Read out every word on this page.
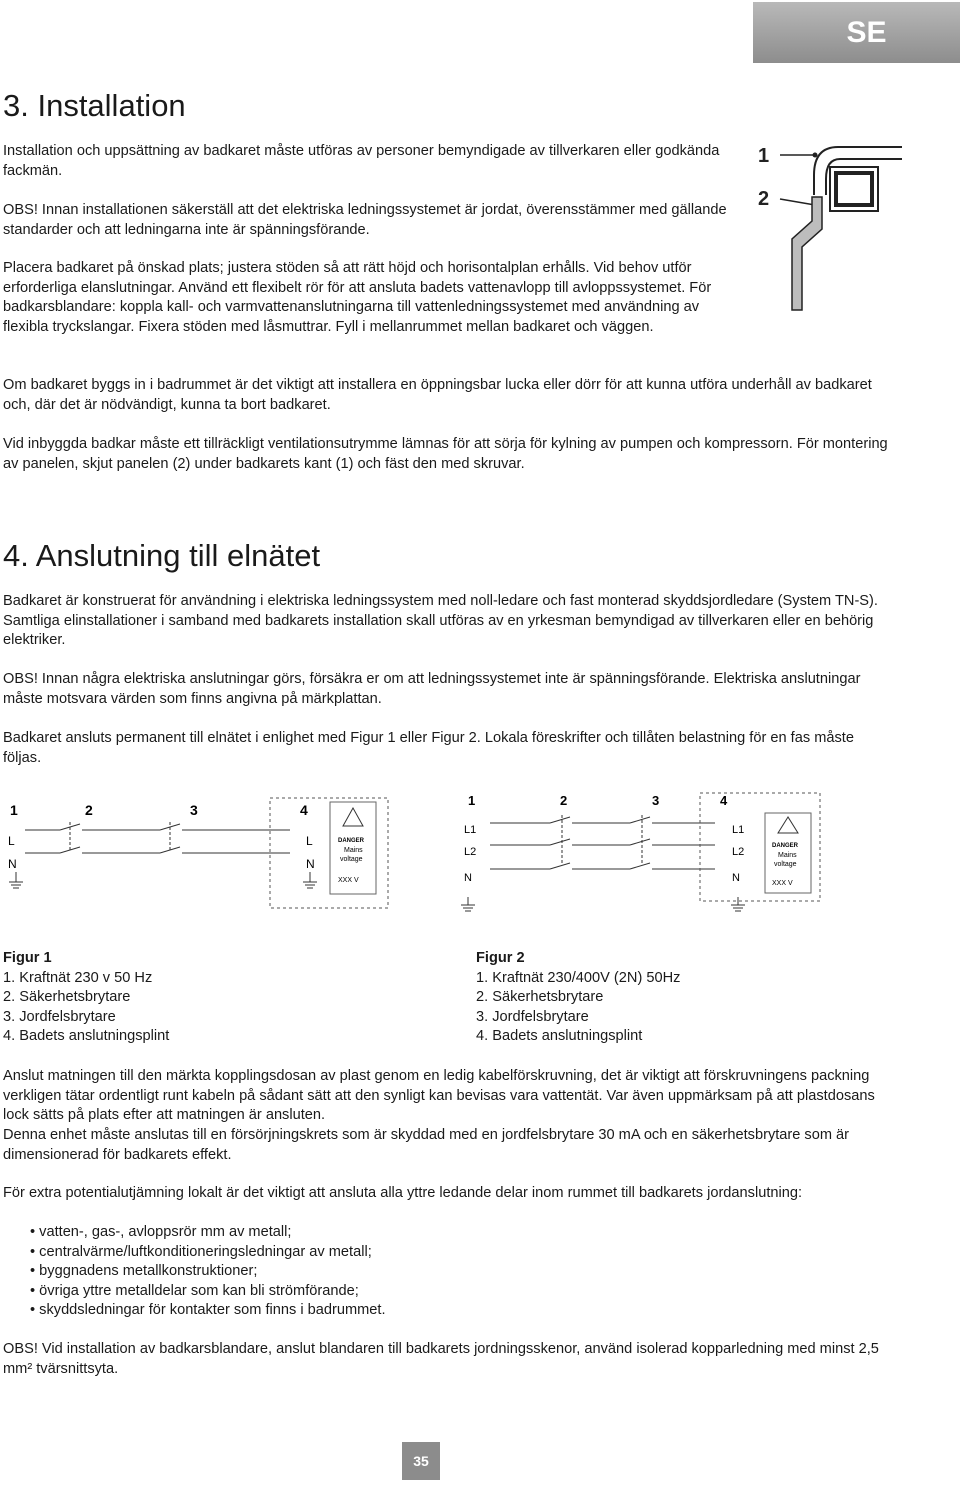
SE
3. Installation

Installation och uppsättning av badkaret måste utföras av personer bemyndigade av tillverkaren eller godkända fackmän.

OBS! Innan installationen säkerställ att det elektriska ledningssystemet är jordat, överensstämmer med gällande standarder och att ledningarna inte är spänningsförande.

Placera badkaret på önskad plats; justera stöden så att rätt höjd och horisontalplan erhålls. Vid behov utför erforderliga elanslutningar. Använd ett flexibelt rör för att ansluta badets vattenavlopp till avloppssystemet. För badkarsblandare: koppla kall- och varmvattenanslutningarna till vattenledningssystemet med användning av flexibla tryckslangar. Fixera stöden med låsmuttrar. Fyll i mellanrummet mellan badkaret och väggen.

Om badkaret byggs in i badrummet är det viktigt att installera en öppningsbar lucka eller dörr för att kunna utföra underhåll av badkaret och, där det är nödvändigt, kunna ta bort badkaret.

Vid inbyggda badkar måste ett tillräckligt ventilationsutrymme lämnas för att sörja för kylning av pumpen och kompressorn. För montering av panelen, skjut panelen (2) under badkarets kant (1) och fäst den med skruvar.

1
2
4. Anslutning till elnätet

Badkaret är konstruerat för användning i elektriska ledningssystem med noll-ledare och fast monterad skyddsjordledare (System TN-S). Samtliga elinstallationer i samband med badkarets installation skall utföras av en yrkesman bemyndigad av tillverkaren eller en behörig elektriker.

OBS! Innan några elektriska anslutningar görs, försäkra er om att ledningssystemet inte är spänningsförande. Elektriska anslutningar måste motsvara värden som finns angivna på märkplattan.

Badkaret ansluts permanent till elnätet i enlighet med Figur 1 eller Figur 2. Lokala föreskrifter och tillåten belastning för en fas måste följas.

1	2	3	4
L
N
L
N
DANGER
Mains
voltage
XXX V
1	2	3	4
L1
L2
N
L1
L2
N
DANGER
Mains
voltage
XXX V
Figur 1
1. Kraftnät 230 v 50 Hz
2. Säkerhetsbrytare
3. Jordfelsbrytare
4. Badets anslutningsplint
Figur 2
1. Kraftnät 230/400V (2N) 50Hz
2. Säkerhetsbrytare
3. Jordfelsbrytare
4. Badets anslutningsplint

Anslut matningen till den märkta kopplingsdosan av plast genom en ledig kabelförskruvning, det är viktigt att förskruvningens packning verkligen tätar ordentligt runt kabeln på sådant sätt att den synligt kan bevisas vara vattentät. Var även uppmärksam på att plastdosans lock sätts på plats efter att matningen är ansluten.

Denna enhet måste anslutas till en försörjningskrets som är skyddad med en jordfelsbrytare 30 mA och en säkerhetsbrytare som är dimensionerad för badkarets effekt.

För extra potentialutjämning lokalt är det viktigt att ansluta alla yttre ledande delar inom rummet till badkarets jordanslutning:

• vatten-, gas-, avloppsrör mm av metall;
• centralvärme/luftkonditioneringsledningar av metall;
• byggnadens metallkonstruktioner;
• övriga yttre metalldelar som kan bli strömförande;
• skyddsledningar för kontakter som finns i badrummet.

OBS! Vid installation av badkarsblandare, anslut blandaren till badkarets jordningsskenor, använd isolerad kopparledning med minst 2,5 mm² tvärsnittsyta.

35
